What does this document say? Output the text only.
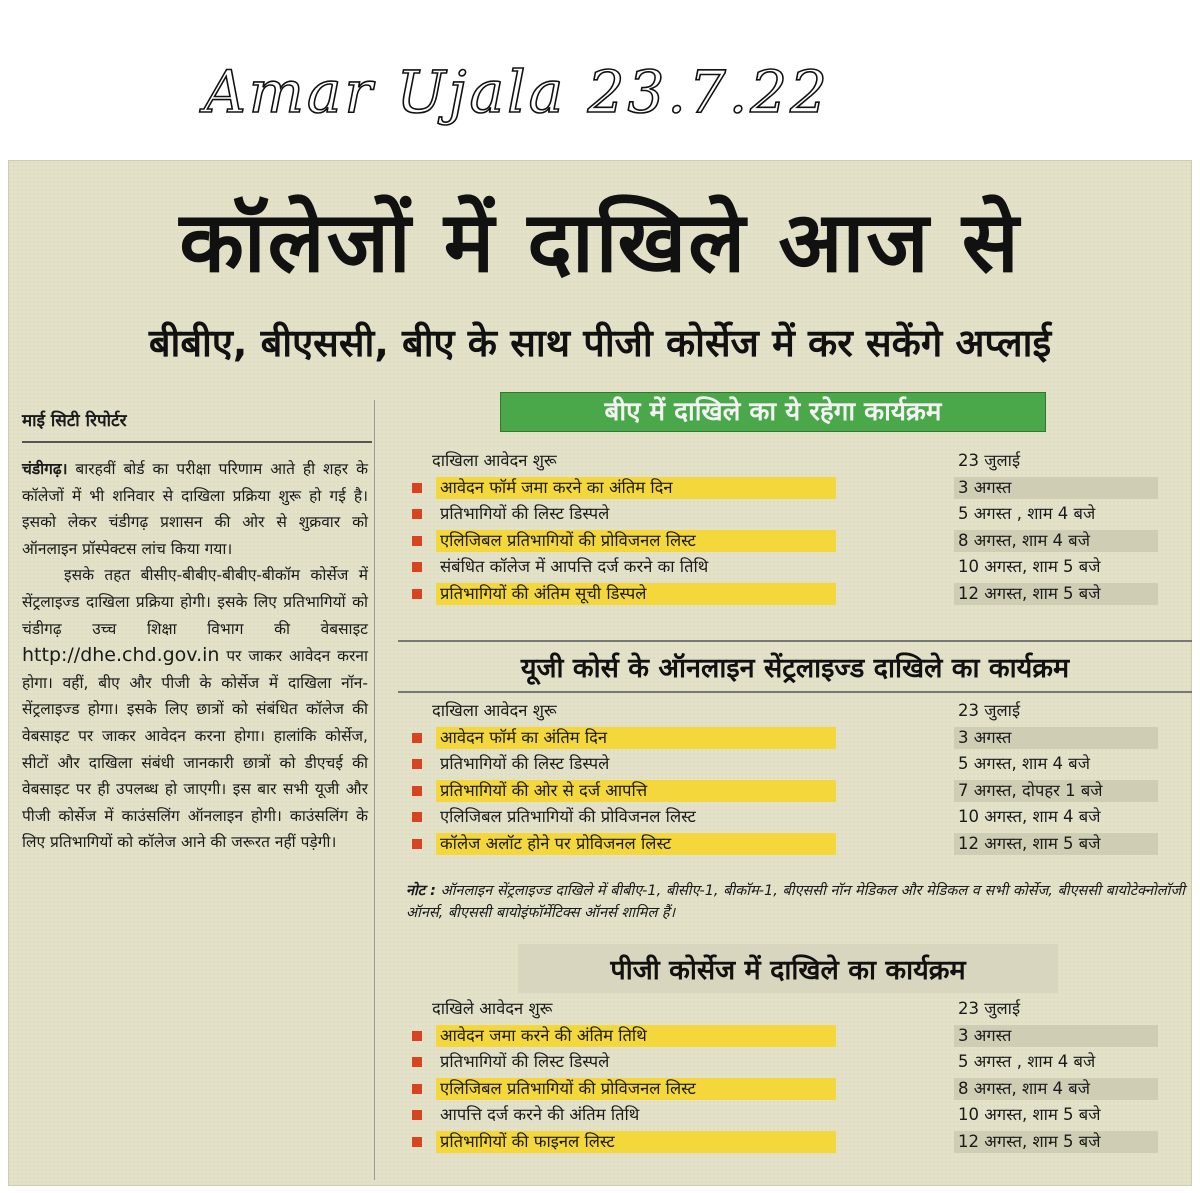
Amar Ujala 23.7.22
कॉलेजों में दाखिले आज से
बीबीए, बीएससी, बीए के साथ पीजी कोर्सेज में कर सकेंगे अप्लाई
माई सिटी रिपोर्टर

चंडीगढ़। बारहवीं बोर्ड का परीक्षा परिणाम आते ही शहर के कॉलेजों में भी शनिवार से दाखिला प्रक्रिया शुरू हो गई है। इसको लेकर चंडीगढ़ प्रशासन की ओर से शुक्रवार को ऑनलाइन प्रॉस्पेक्टस लांच किया गया।

इसके तहत बीसीए-बीबीए-बीबीए-बीकॉम कोर्सेज में सेंट्रलाइज्ड दाखिला प्रक्रिया होगी। इसके लिए प्रतिभागियों को चंडीगढ़ उच्च शिक्षा विभाग की वेबसाइट http://dhe.chd.gov.in पर जाकर आवेदन करना होगा। वहीं, बीए और पीजी के कोर्सेज में दाखिला नॉन-सेंट्रलाइज्ड होगा। इसके लिए छात्रों को संबंधित कॉलेज की वेबसाइट पर जाकर आवेदन करना होगा। हालांकि कोर्सेज, सीटों और दाखिला संबंधी जानकारी छात्रों को डीएचई की वेबसाइट पर ही उपलब्ध हो जाएगी। इस बार सभी यूजी और पीजी कोर्सेज में काउंसलिंग ऑनलाइन होगी। काउंसलिंग के लिए प्रतिभागियों को कॉलेज आने की जरूरत नहीं पड़ेगी।

बीए में दाखिले का ये रहेगा कार्यक्रम
दाखिला आवेदन शुरू	23 जुलाई
आवेदन फॉर्म जमा करने का अंतिम दिन	3 अगस्त
प्रतिभागियों की लिस्ट डिस्पले	5 अगस्त , शाम 4 बजे
एलिजिबल प्रतिभागियों की प्रोविजनल लिस्ट	8 अगस्त, शाम 4 बजे
संबंधित कॉलेज में आपत्ति दर्ज करने का तिथि	10 अगस्त, शाम 5 बजे
प्रतिभागियों की अंतिम सूची डिस्पले	12 अगस्त, शाम 5 बजे
यूजी कोर्स के ऑनलाइन सेंट्रलाइज्ड दाखिले का कार्यक्रम
दाखिला आवेदन शुरू	23 जुलाई
आवेदन फॉर्म का अंतिम दिन	3 अगस्त
प्रतिभागियों की लिस्ट डिस्पले	5 अगस्त, शाम 4 बजे
प्रतिभागियों की ओर से दर्ज आपत्ति	7 अगस्त, दोपहर 1 बजे
एलिजिबल प्रतिभागियों की प्रोविजनल लिस्ट	10 अगस्त, शाम 4 बजे
कॉलेज अलॉट होने पर प्रोविजनल लिस्ट	12 अगस्त, शाम 5 बजे
नोट : ऑनलाइन सेंट्रलाइज्ड दाखिले में बीबीए-1, बीसीए-1, बीकॉम-1, बीएससी नॉन मेडिकल और मेडिकल व सभी कोर्सेज, बीएससी बायोटेक्नोलॉजी ऑनर्स, बीएससी बायोइंफॉर्मेटिक्स ऑनर्स शामिल हैं।
पीजी कोर्सेज में दाखिले का कार्यक्रम
दाखिले आवेदन शुरू	23 जुलाई
आवेदन जमा करने की अंतिम तिथि	3 अगस्त
प्रतिभागियों की लिस्ट डिस्पले	5 अगस्त , शाम 4 बजे
एलिजिबल प्रतिभागियों की प्रोविजनल लिस्ट	8 अगस्त, शाम 4 बजे
आपत्ति दर्ज करने की अंतिम तिथि	10 अगस्त, शाम 5 बजे
प्रतिभागियों की फाइनल लिस्ट	12 अगस्त, शाम 5 बजे
